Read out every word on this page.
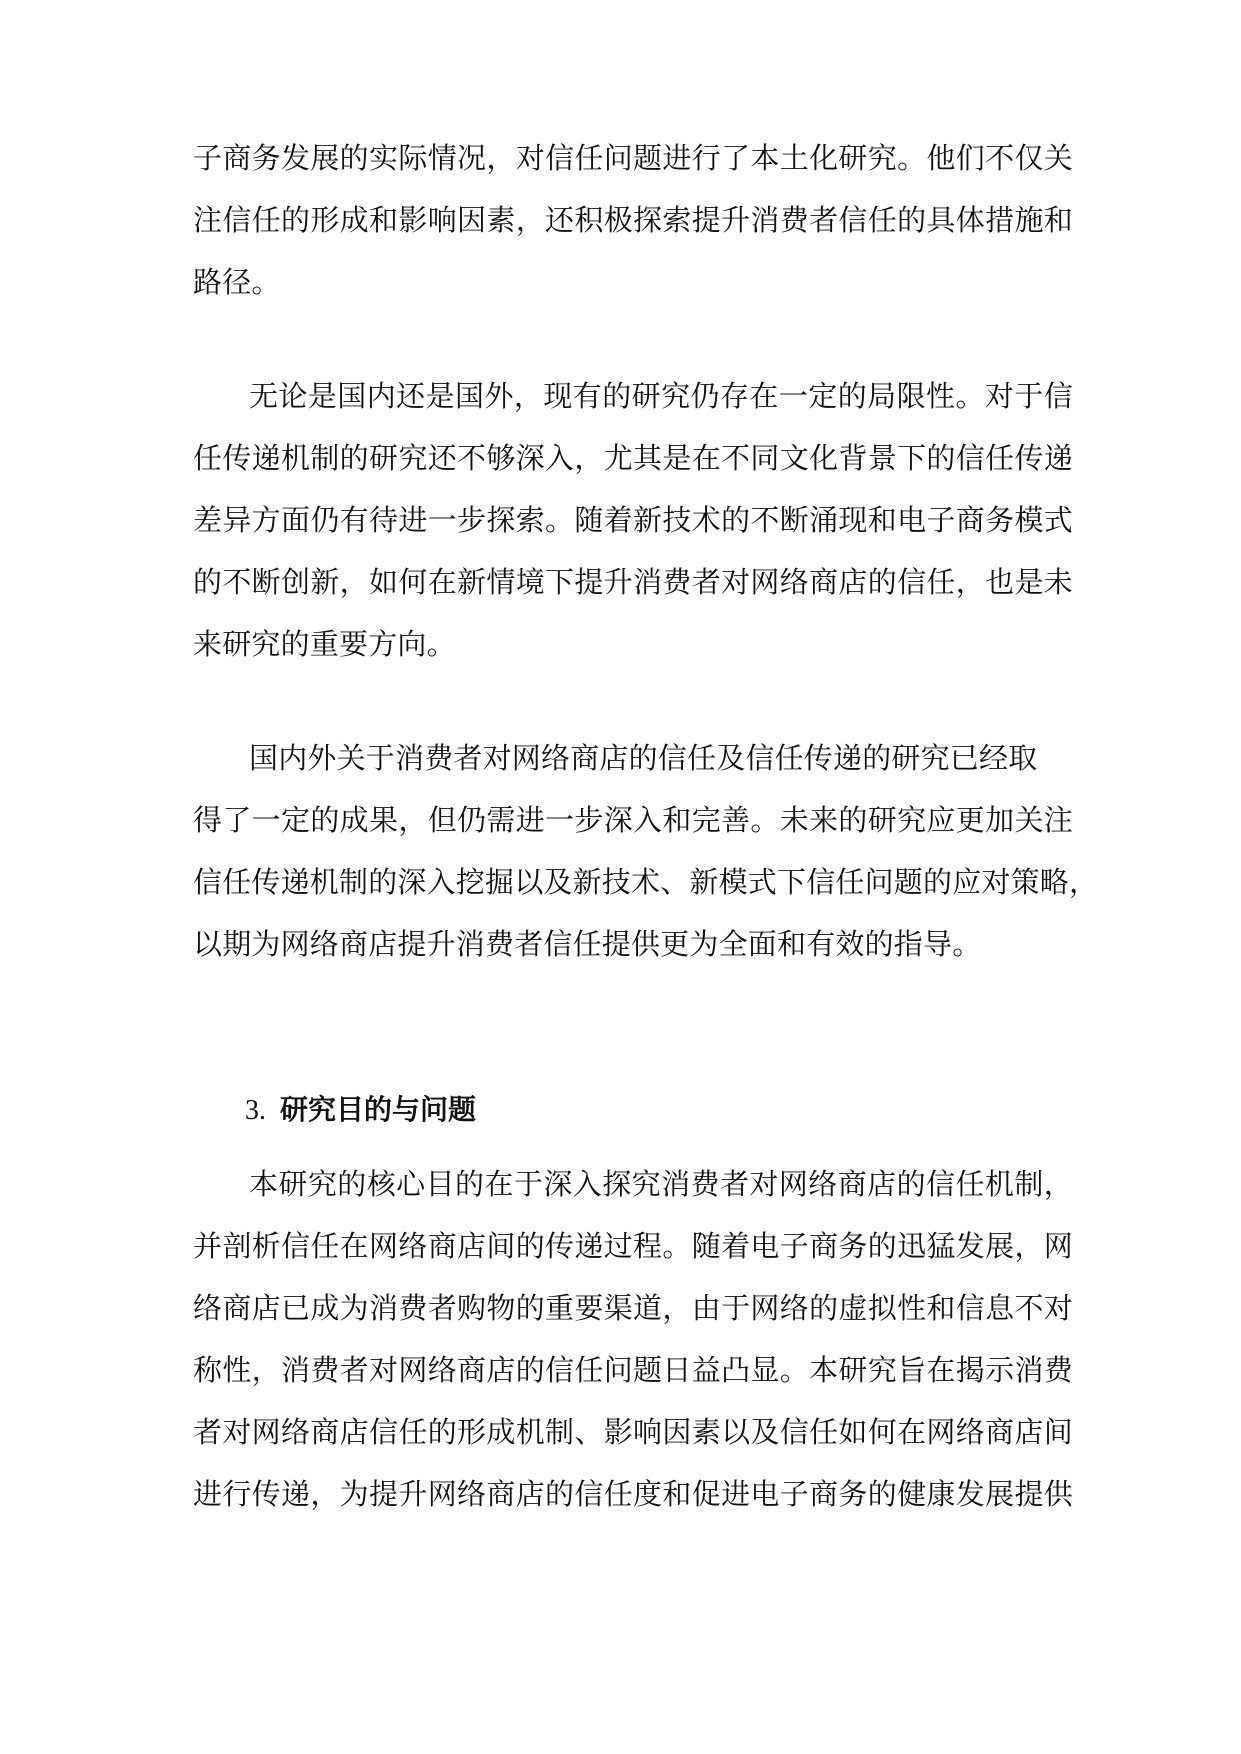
子商务发展的实际情况，对信任问题进行了本土化研究。他们不仅关
注信任的形成和影响因素，还积极探索提升消费者信任的具体措施和
路径。
无论是国内还是国外，现有的研究仍存在一定的局限性。对于信
任传递机制的研究还不够深入，尤其是在不同文化背景下的信任传递
差异方面仍有待进一步探索。随着新技术的不断涌现和电子商务模式
的不断创新，如何在新情境下提升消费者对网络商店的信任，也是未
来研究的重要方向。
国内外关于消费者对网络商店的信任及信任传递的研究已经取
得了一定的成果，但仍需进一步深入和完善。未来的研究应更加关注
信任传递机制的深入挖掘以及新技术、新模式下信任问题的应对策略，
以期为网络商店提升消费者信任提供更为全面和有效的指导。
3. 研究目的与问题
本研究的核心目的在于深入探究消费者对网络商店的信任机制，
并剖析信任在网络商店间的传递过程。随着电子商务的迅猛发展，网
络商店已成为消费者购物的重要渠道，由于网络的虚拟性和信息不对
称性，消费者对网络商店的信任问题日益凸显。本研究旨在揭示消费
者对网络商店信任的形成机制、影响因素以及信任如何在网络商店间
进行传递，为提升网络商店的信任度和促进电子商务的健康发展提供
